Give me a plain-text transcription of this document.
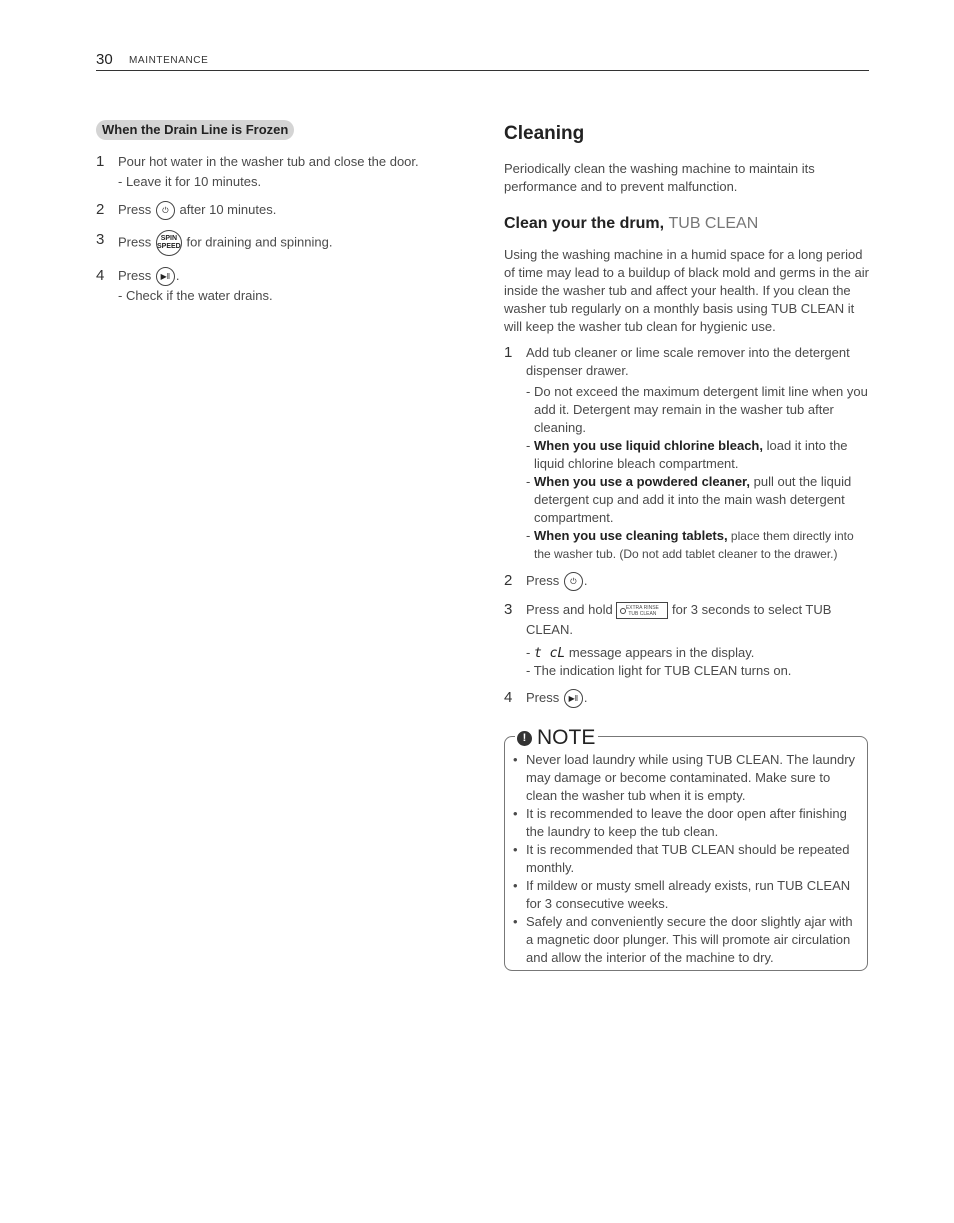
30 MAINTENANCE
When the Drain Line is Frozen
1 Pour hot water in the washer tub and close the door.
- Leave it for 10 minutes.
2 Press ⏻ after 10 minutes.
3 Press SPIN
SPEED for draining and spinning.
4 Press ▶‖ .
- Check if the water drains.
Cleaning

Periodically clean the washing machine to maintain its performance and to prevent malfunction.

Clean your the drum, TUB CLEAN

Using the washing machine in a humid space for a long period of time may lead to a buildup of black mold and germs in the air inside the washer tub and affect your health. If you clean the washer tub regularly on a monthly basis using TUB CLEAN it will keep the washer tub clean for hygienic use.

1 Add tub cleaner or lime scale remover into the detergent dispenser drawer.
- Do not exceed the maximum detergent limit line when you add it. Detergent may remain in the washer tub after cleaning.
- When you use liquid chlorine bleach, load it into the liquid chlorine bleach compartment.
- When you use a powdered cleaner, pull out the liquid detergent cup and add it into the main wash detergent compartment.
- When you use cleaning tablets, place them directly into the washer tub. (Do not add tablet cleaner to the drawer.)
2 Press ⏻ .
3 Press and hold	EXTRA RINSE
TUB CLEAN for 3 seconds to select TUB CLEAN.
- t cL message appears in the display.
- The indication light for TUB CLEAN turns on.
4 Press ▶‖ .
! NOTE
• Never load laundry while using TUB CLEAN. The laundry may damage or become contaminated. Make sure to clean the washer tub when it is empty.
• It is recommended to leave the door open after finishing the laundry to keep the tub clean.
• It is recommended that TUB CLEAN should be repeated monthly.
• If mildew or musty smell already exists, run TUB CLEAN for 3 consecutive weeks.
• Safely and conveniently secure the door slightly ajar with a magnetic door plunger. This will promote air circulation and allow the interior of the machine to dry.
